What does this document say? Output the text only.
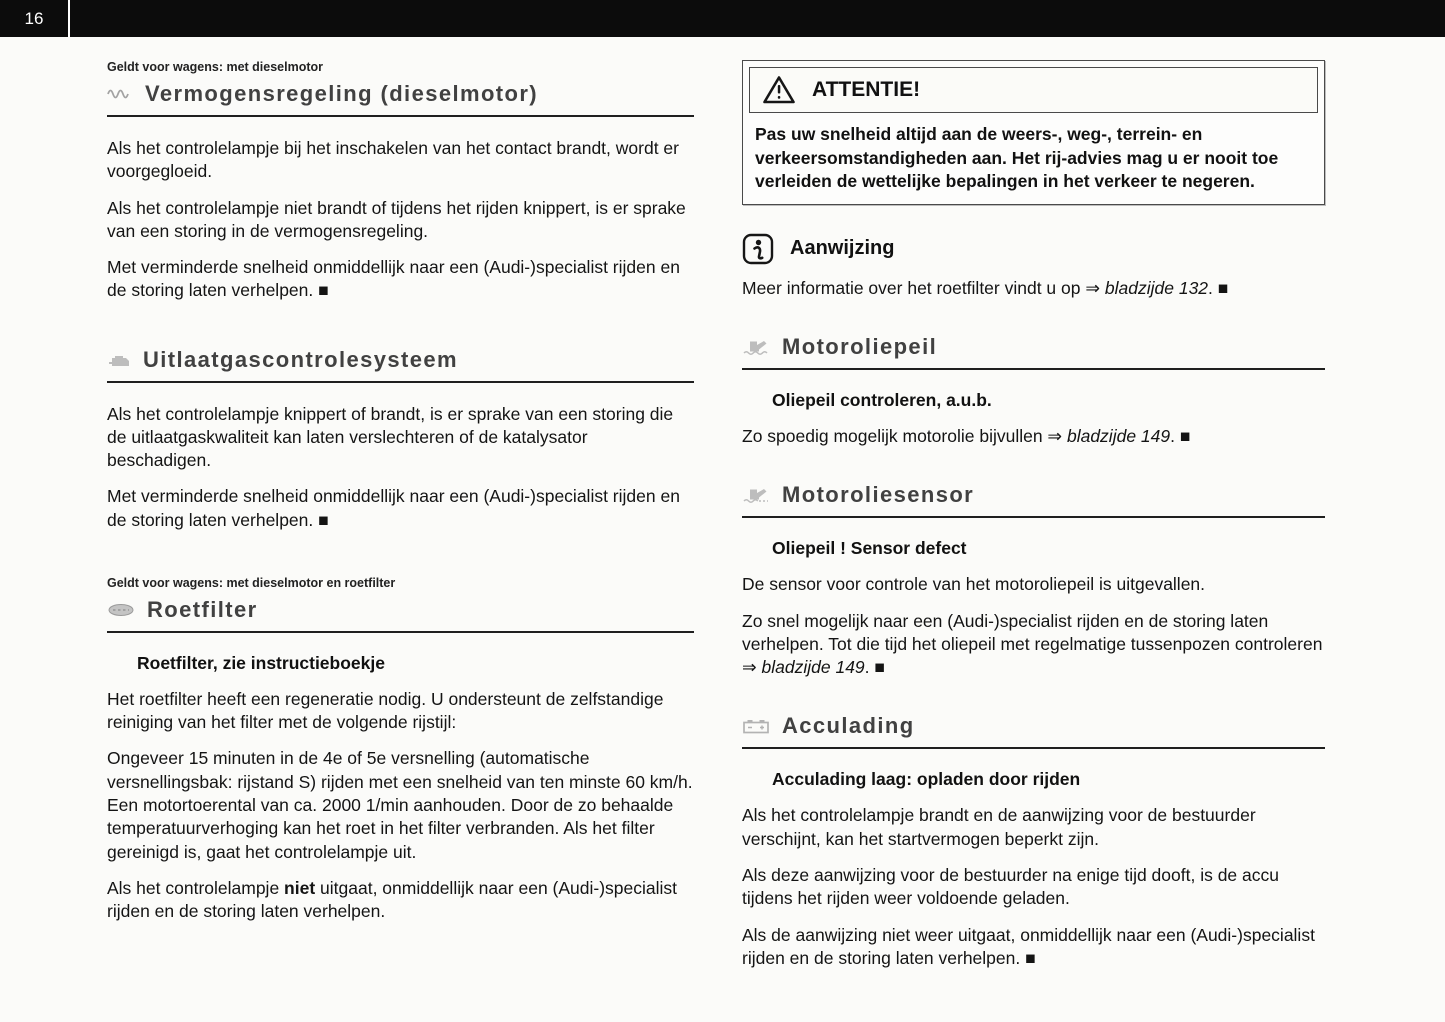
16
Geldt voor wagens: met dieselmotor
Vermogensregeling (dieselmotor)

Als het controlelampje bij het inschakelen van het contact brandt, wordt er voorgegloeid.

Als het controlelampje niet brandt of tijdens het rijden knippert, is er sprake van een storing in de vermogensregeling.

Met verminderde snelheid onmiddellijk naar een (Audi-)specialist rijden en de storing laten verhelpen. ■

Uitlaatgascontrolesysteem

Als het controlelampje knippert of brandt, is er sprake van een storing die de uitlaatgaskwaliteit kan laten verslechteren of de katalysator beschadigen.

Met verminderde snelheid onmiddellijk naar een (Audi-)specialist rijden en de storing laten verhelpen. ■

Geldt voor wagens: met dieselmotor en roetfilter
Roetfilter
Roetfilter, zie instructieboekje

Het roetfilter heeft een regeneratie nodig. U ondersteunt de zelfstandige reiniging van het filter met de volgende rijstijl:

Ongeveer 15 minuten in de 4e of 5e versnelling (automatische versnellingsbak: rijstand S) rijden met een snelheid van ten minste 60 km/h. Een motortoerental van ca. 2000 1/min aanhouden. Door de zo behaalde temperatuurverhoging kan het roet in het filter verbranden. Als het filter gereinigd is, gaat het controlelampje uit.

Als het controlelampje niet uitgaat, onmiddellijk naar een (Audi-)specialist rijden en de storing laten verhelpen.

ATTENTIE!
Pas uw snelheid altijd aan de weers-, weg-, terrein- en verkeersomstandigheden aan. Het rij-advies mag u er nooit toe verleiden de wettelijke bepalingen in het verkeer te negeren.
Aanwijzing

Meer informatie over het roetfilter vindt u op ⇒ bladzijde 132. ■

Motoroliepeil
Oliepeil controleren, a.u.b.

Zo spoedig mogelijk motorolie bijvullen ⇒ bladzijde 149. ■

Motoroliesensor
Oliepeil ! Sensor defect

De sensor voor controle van het motoroliepeil is uitgevallen.

Zo snel mogelijk naar een (Audi-)specialist rijden en de storing laten verhelpen. Tot die tijd het oliepeil met regelmatige tussenpozen controleren ⇒ bladzijde 149. ■

Acculading
Acculading laag: opladen door rijden

Als het controlelampje brandt en de aanwijzing voor de bestuurder verschijnt, kan het startvermogen beperkt zijn.

Als deze aanwijzing voor de bestuurder na enige tijd dooft, is de accu tijdens het rijden weer voldoende geladen.

Als de aanwijzing niet weer uitgaat, onmiddellijk naar een (Audi-)specialist rijden en de storing laten verhelpen. ■
